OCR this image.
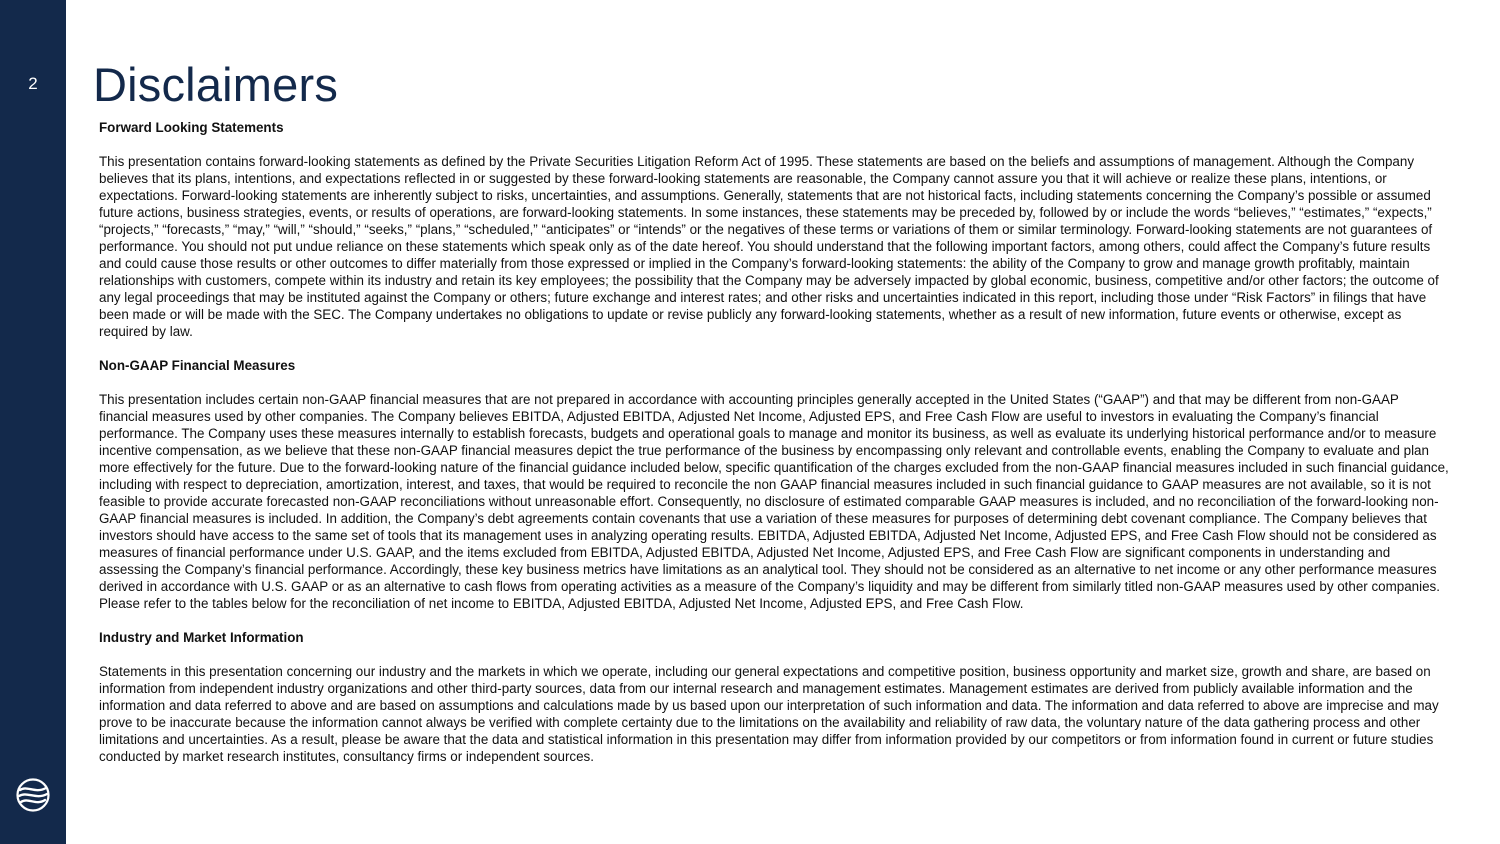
2	Disclaimers

Forward Looking Statements

This presentation contains forward-looking statements as defined by the Private Securities Litigation Reform Act of 1995. These statements are based on the beliefs and assumptions of management. Although the Company believes that its plans, intentions, and expectations reflected in or suggested by these forward-looking statements are reasonable, the Company cannot assure you that it will achieve or realize these plans, intentions, or expectations. Forward-looking statements are inherently subject to risks, uncertainties, and assumptions. Generally, statements that are not historical facts, including statements concerning the Company’s possible or assumed future actions, business strategies, events, or results of operations, are forward-looking statements. In some instances, these statements may be preceded by, followed by or include the words “believes,” “estimates,” “expects,” “projects,” “forecasts,” “may,” “will,” “should,” “seeks,” “plans,” “scheduled,” “anticipates” or “intends” or the negatives of these terms or variations of them or similar terminology. Forward-looking statements are not guarantees of performance. You should not put undue reliance on these statements which speak only as of the date hereof. You should understand that the following important factors, among others, could affect the Company’s future results and could cause those results or other outcomes to differ materially from those expressed or implied in the Company’s forward-looking statements: the ability of the Company to grow and manage growth profitably, maintain relationships with customers, compete within its industry and retain its key employees; the possibility that the Company may be adversely impacted by global economic, business, competitive and/or other factors; the outcome of any legal proceedings that may be instituted against the Company or others; future exchange and interest rates; and other risks and uncertainties indicated in this report, including those under “Risk Factors” in filings that have been made or will be made with the SEC. The Company undertakes no obligations to update or revise publicly any forward-looking statements, whether as a result of new information, future events or otherwise, except as required by law.

Non-GAAP Financial Measures

This presentation includes certain non-GAAP financial measures that are not prepared in accordance with accounting principles generally accepted in the United States (“GAAP”) and that may be different from non-GAAP financial measures used by other companies. The Company believes EBITDA, Adjusted EBITDA, Adjusted Net Income, Adjusted EPS, and Free Cash Flow are useful to investors in evaluating the Company’s financial performance. The Company uses these measures internally to establish forecasts, budgets and operational goals to manage and monitor its business, as well as evaluate its underlying historical performance and/or to measure incentive compensation, as we believe that these non-GAAP financial measures depict the true performance of the business by encompassing only relevant and controllable events, enabling the Company to evaluate and plan more effectively for the future. Due to the forward-looking nature of the financial guidance included below, specific quantification of the charges excluded from the non-GAAP financial measures included in such financial guidance, including with respect to depreciation, amortization, interest, and taxes, that would be required to reconcile the non GAAP financial measures included in such financial guidance to GAAP measures are not available, so it is not feasible to provide accurate forecasted non-GAAP reconciliations without unreasonable effort. Consequently, no disclosure of estimated comparable GAAP measures is included, and no reconciliation of the forward-looking non-GAAP financial measures is included. In addition, the Company’s debt agreements contain covenants that use a variation of these measures for purposes of determining debt covenant compliance. The Company believes that investors should have access to the same set of tools that its management uses in analyzing operating results. EBITDA, Adjusted EBITDA, Adjusted Net Income, Adjusted EPS, and Free Cash Flow should not be considered as measures of financial performance under U.S. GAAP, and the items excluded from EBITDA, Adjusted EBITDA, Adjusted Net Income, Adjusted EPS, and Free Cash Flow are significant components in understanding and assessing the Company’s financial performance. Accordingly, these key business metrics have limitations as an analytical tool. They should not be considered as an alternative to net income or any other performance measures derived in accordance with U.S. GAAP or as an alternative to cash flows from operating activities as a measure of the Company’s liquidity and may be different from similarly titled non-GAAP measures used by other companies. Please refer to the tables below for the reconciliation of net income to EBITDA, Adjusted EBITDA, Adjusted Net Income, Adjusted EPS, and Free Cash Flow.

Industry and Market Information

Statements in this presentation concerning our industry and the markets in which we operate, including our general expectations and competitive position, business opportunity and market size, growth and share, are based on information from independent industry organizations and other third-party sources, data from our internal research and management estimates. Management estimates are derived from publicly available information and the information and data referred to above and are based on assumptions and calculations made by us based upon our interpretation of such information and data. The information and data referred to above are imprecise and may prove to be inaccurate because the information cannot always be verified with complete certainty due to the limitations on the availability and reliability of raw data, the voluntary nature of the data gathering process and other limitations and uncertainties. As a result, please be aware that the data and statistical information in this presentation may differ from information provided by our competitors or from information found in current or future studies conducted by market research institutes, consultancy firms or independent sources.
